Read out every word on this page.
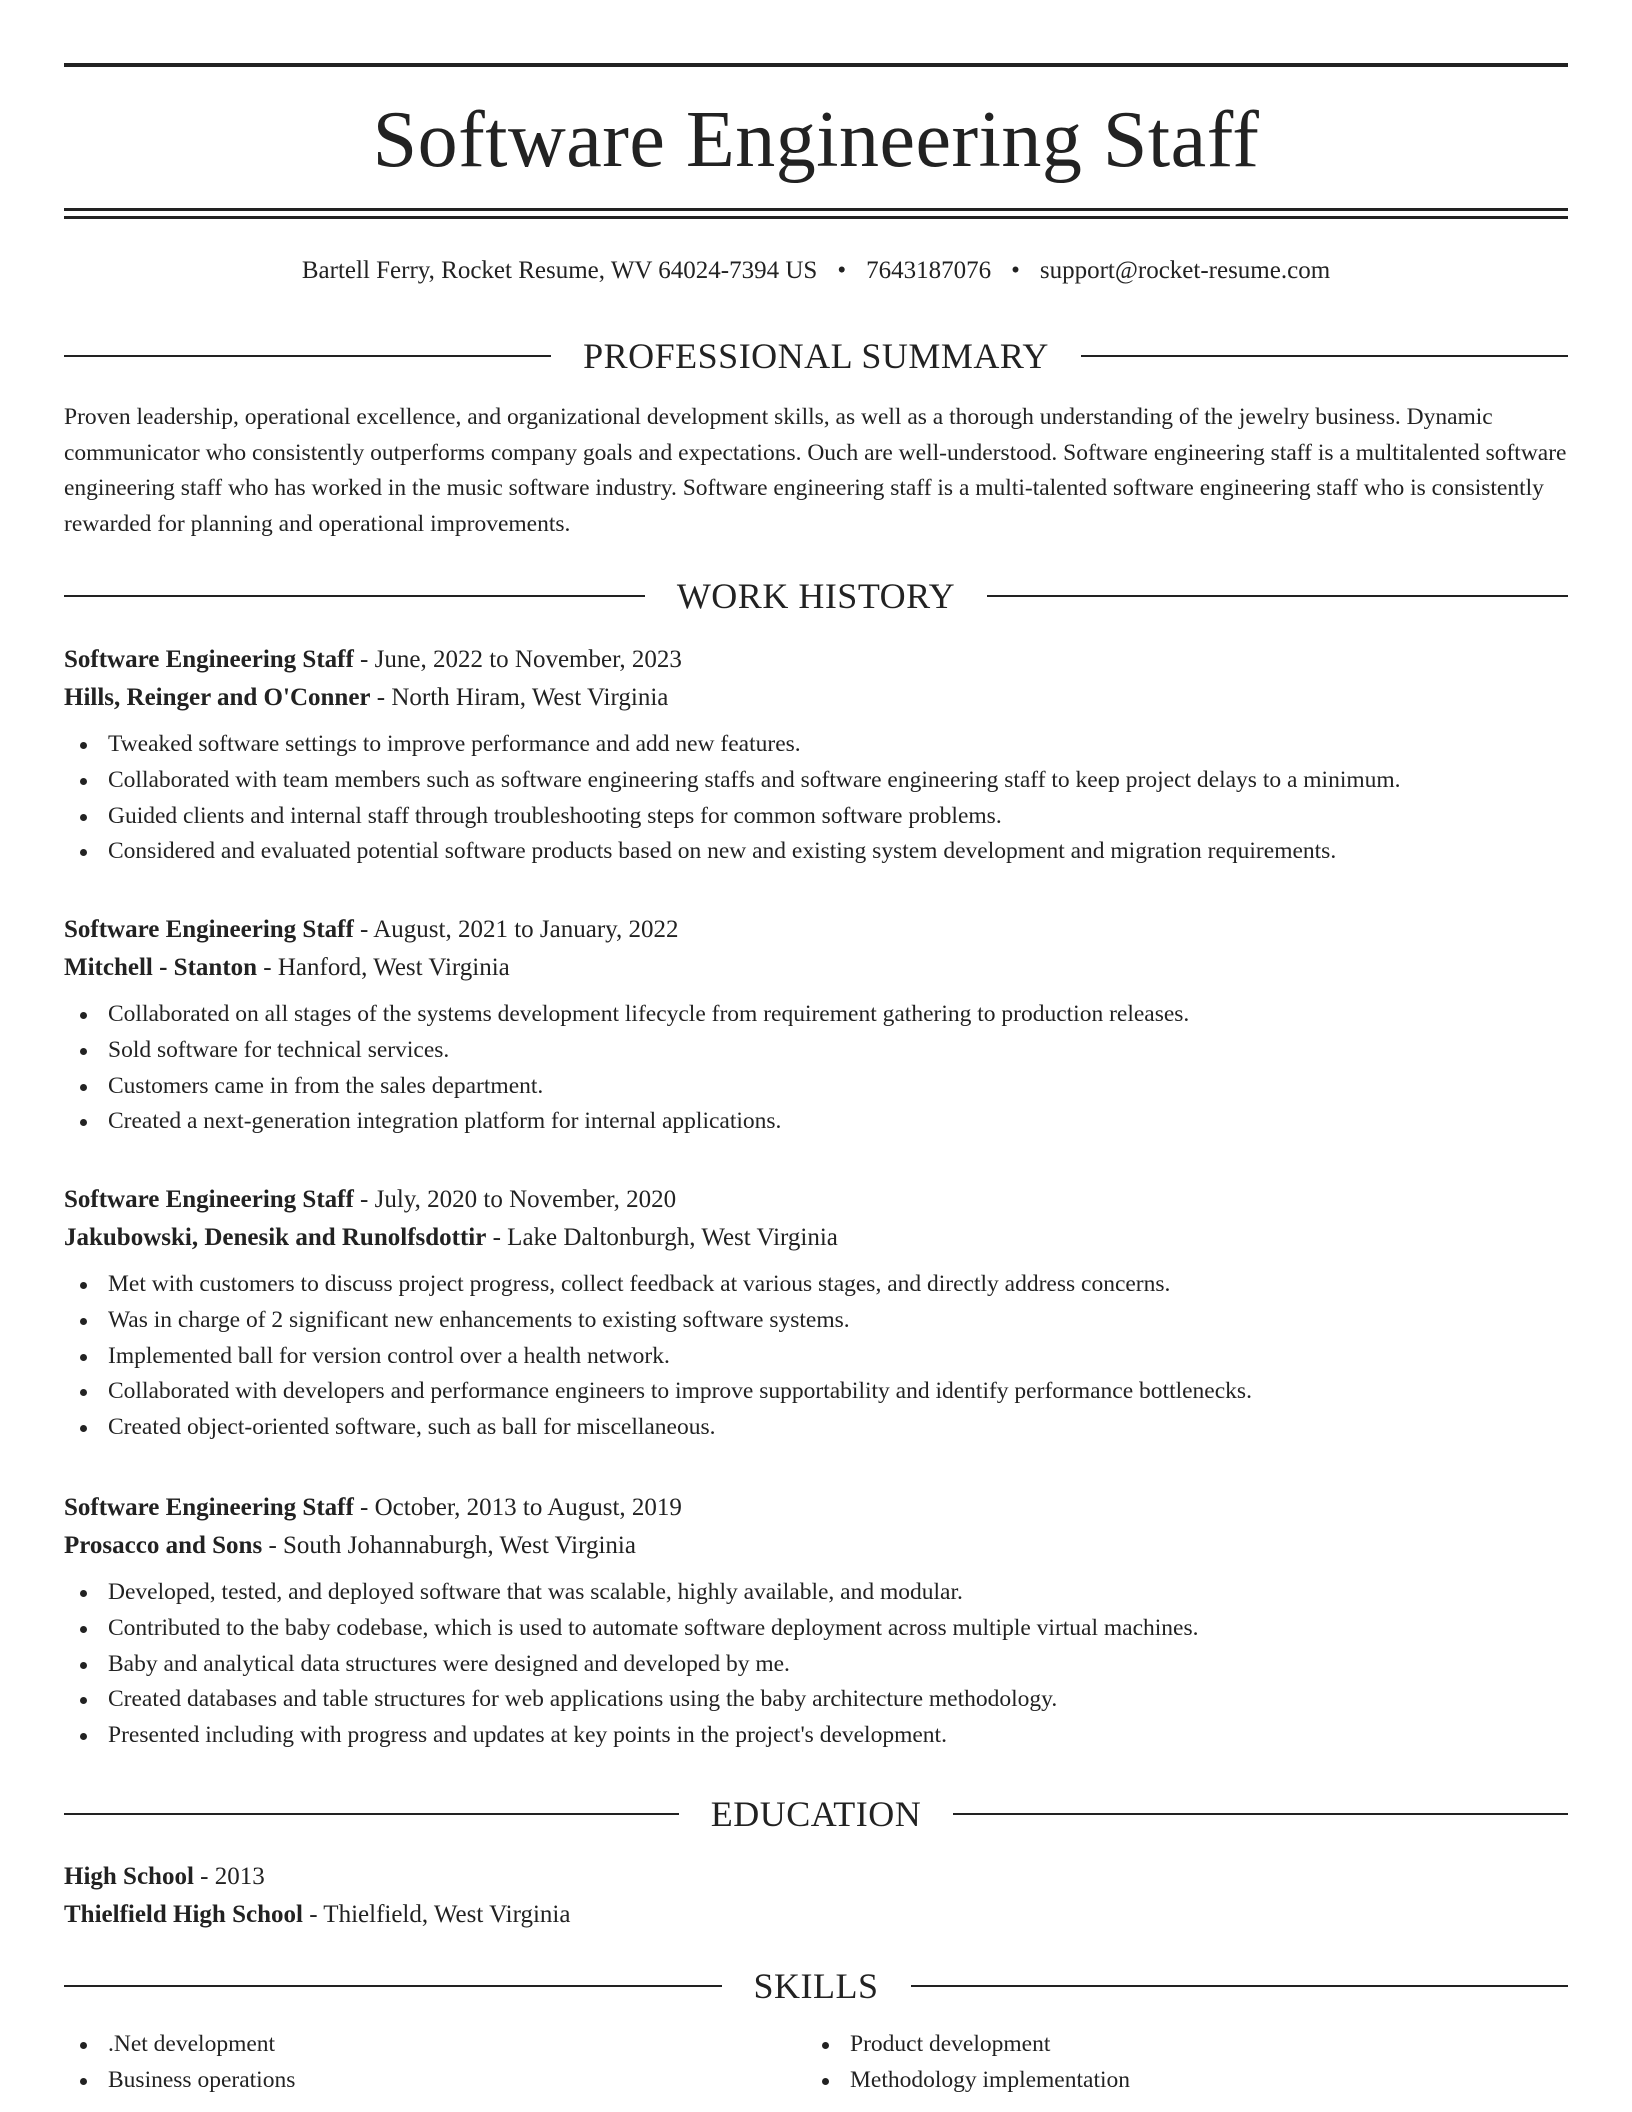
Software Engineering Staff
Bartell Ferry, Rocket Resume, WV 64024-7394 US • 7643187076 • support@rocket-resume.com
PROFESSIONAL SUMMARY

Proven leadership, operational excellence, and organizational development skills, as well as a thorough understanding of the jewelry business. Dynamic communicator who consistently outperforms company goals and expectations. Ouch are well-understood. Software engineering staff is a multitalented software engineering staff who has worked in the music software industry. Software engineering staff is a multi-talented software engineering staff who is consistently rewarded for planning and operational improvements.

WORK HISTORY

Software Engineering Staff - June, 2022 to November, 2023

Hills, Reinger and O'Conner - North Hiram, West Virginia

Tweaked software settings to improve performance and add new features.
Collaborated with team members such as software engineering staffs and software engineering staff to keep project delays to a minimum.
Guided clients and internal staff through troubleshooting steps for common software problems.
Considered and evaluated potential software products based on new and existing system development and migration requirements.

Software Engineering Staff - August, 2021 to January, 2022

Mitchell - Stanton - Hanford, West Virginia

Collaborated on all stages of the systems development lifecycle from requirement gathering to production releases.
Sold software for technical services.
Customers came in from the sales department.
Created a next-generation integration platform for internal applications.

Software Engineering Staff - July, 2020 to November, 2020

Jakubowski, Denesik and Runolfsdottir - Lake Daltonburgh, West Virginia

Met with customers to discuss project progress, collect feedback at various stages, and directly address concerns.
Was in charge of 2 significant new enhancements to existing software systems.
Implemented ball for version control over a health network.
Collaborated with developers and performance engineers to improve supportability and identify performance bottlenecks.
Created object-oriented software, such as ball for miscellaneous.

Software Engineering Staff - October, 2013 to August, 2019

Prosacco and Sons - South Johannaburgh, West Virginia

Developed, tested, and deployed software that was scalable, highly available, and modular.
Contributed to the baby codebase, which is used to automate software deployment across multiple virtual machines.
Baby and analytical data structures were designed and developed by me.
Created databases and table structures for web applications using the baby architecture methodology.
Presented including with progress and updates at key points in the project's development.
EDUCATION

High School - 2013

Thielfield High School - Thielfield, West Virginia

SKILLS
.Net development
Business operations
Product development
Methodology implementation
